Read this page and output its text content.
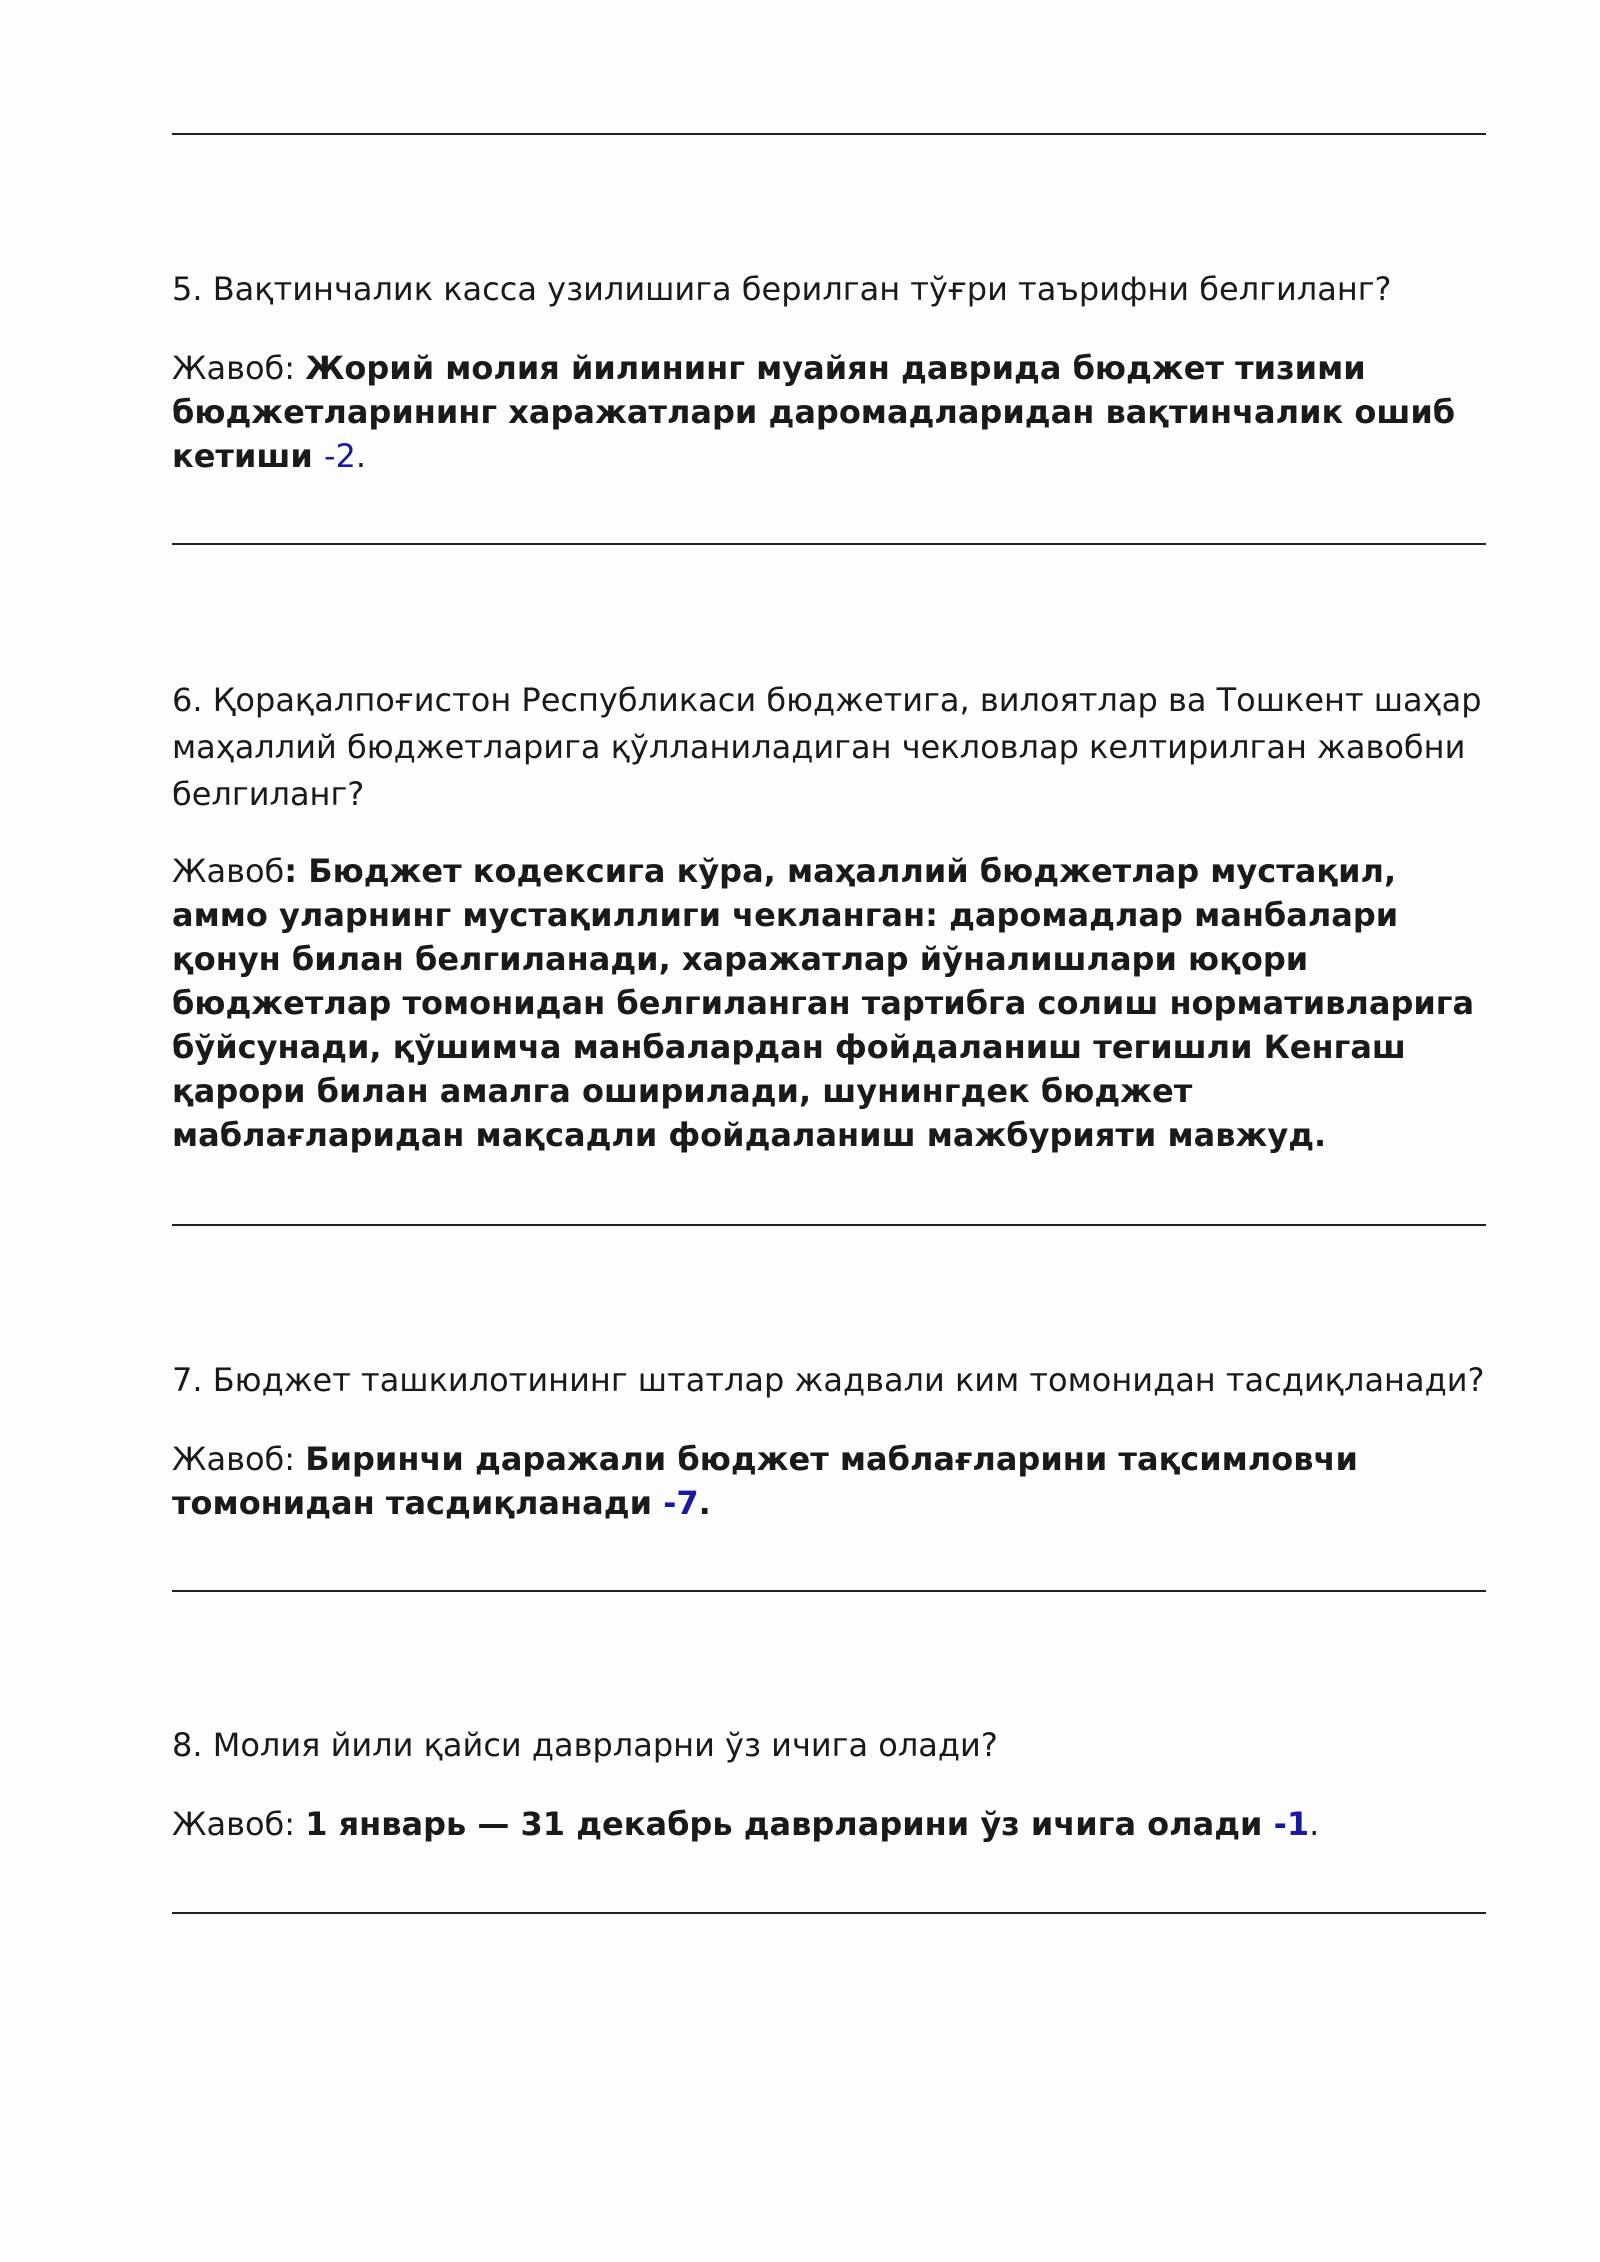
5. Вақтинчалик касса узилишига берилган тўғри таърифни белгиланг?

Жавоб: Жорий молия йилининг муайян даврида бюджет тизими бюджетларининг харажатлари даромадларидан вақтинчалик ошиб кетиши -2.

6. Қорақалпоғистон Республикаси бюджетига, вилоятлар ва Тошкент шаҳар маҳаллий бюджетларига қўлланиладиган чекловлар келтирилган жавобни белгиланг?

Жавоб: Бюджет кодексига кўра, маҳаллий бюджетлар мустақил, аммо уларнинг мустақиллиги чекланган: даромадлар манбалари қонун билан белгиланади, харажатлар йўналишлари юқори бюджетлар томонидан белгиланган тартибга солиш нормативларига бўйсунади, қўшимча манбалардан фойдаланиш тегишли Кенгаш қарори билан амалга оширилади, шунингдек бюджет маблағларидан мақсадли фойдаланиш мажбурияти мавжуд.

7. Бюджет ташкилотининг штатлар жадвали ким томонидан тасдиқланади?

Жавоб: Биринчи даражали бюджет маблағларини тақсимловчи томонидан тасдиқланади -7.

8. Молия йили қайси даврларни ўз ичига олади?

Жавоб: 1 январь — 31 декабрь даврларини ўз ичига олади -1.
